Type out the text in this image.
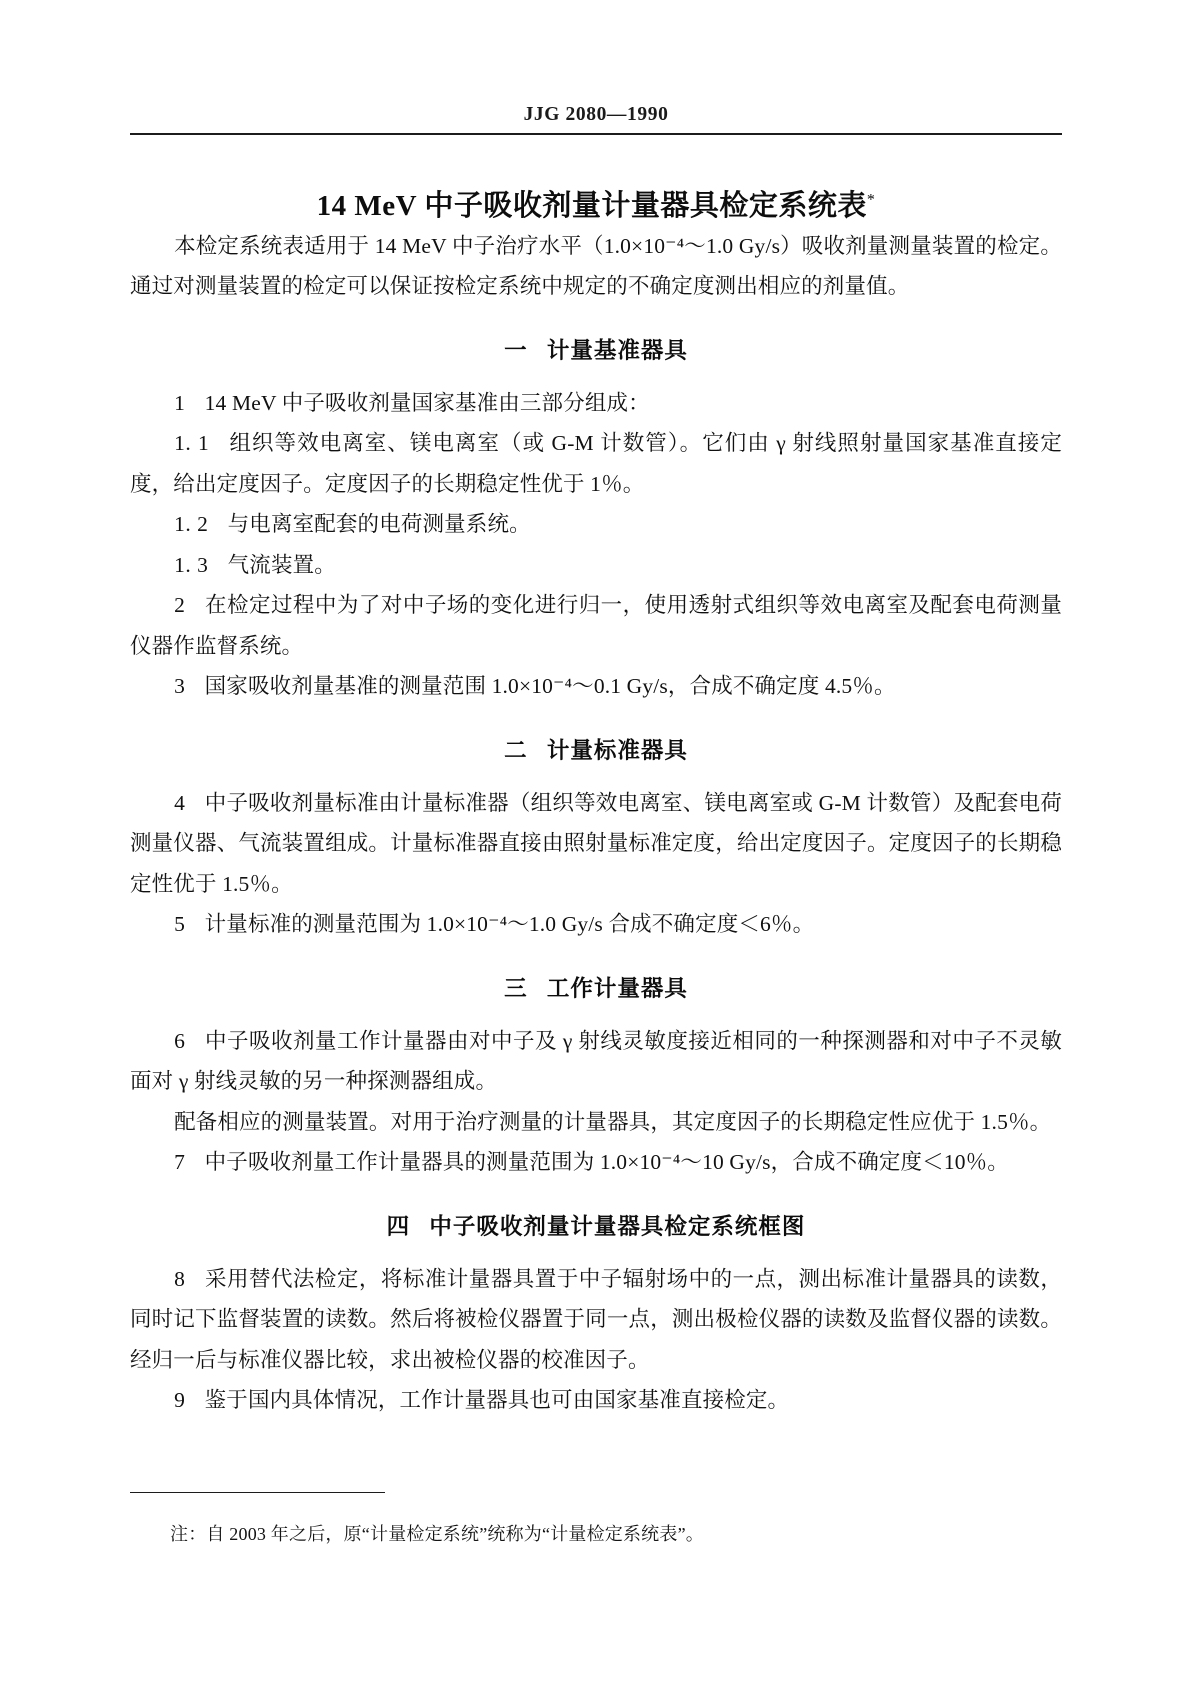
JJG 2080—1990
14 MeV 中子吸收剂量计量器具检定系统表*

本检定系统表适用于 14 MeV 中子治疗水平（1.0×10⁻⁴～1.0 Gy/s）吸收剂量测量装置的检定。通过对测量装置的检定可以保证按检定系统中规定的不确定度测出相应的剂量值。

一 计量基准器具

1 14 MeV 中子吸收剂量国家基准由三部分组成：

1. 1 组织等效电离室、镁电离室（或 G-M 计数管）。它们由 γ 射线照射量国家基准直接定度，给出定度因子。定度因子的长期稳定性优于 1％。

1. 2 与电离室配套的电荷测量系统。

1. 3 气流装置。

2 在检定过程中为了对中子场的变化进行归一，使用透射式组织等效电离室及配套电荷测量仪器作监督系统。

3 国家吸收剂量基准的测量范围 1.0×10⁻⁴～0.1 Gy/s，合成不确定度 4.5％。

二 计量标准器具

4 中子吸收剂量标准由计量标准器（组织等效电离室、镁电离室或 G-M 计数管）及配套电荷测量仪器、气流装置组成。计量标准器直接由照射量标准定度，给出定度因子。定度因子的长期稳定性优于 1.5％。

5 计量标准的测量范围为 1.0×10⁻⁴～1.0 Gy/s 合成不确定度＜6％。

三 工作计量器具

6 中子吸收剂量工作计量器由对中子及 γ 射线灵敏度接近相同的一种探测器和对中子不灵敏面对 γ 射线灵敏的另一种探测器组成。

配备相应的测量装置。对用于治疗测量的计量器具，其定度因子的长期稳定性应优于 1.5％。

7 中子吸收剂量工作计量器具的测量范围为 1.0×10⁻⁴～10 Gy/s，合成不确定度＜10％。

四 中子吸收剂量计量器具检定系统框图

8 采用替代法检定，将标准计量器具置于中子辐射场中的一点，测出标准计量器具的读数，同时记下监督装置的读数。然后将被检仪器置于同一点，测出极检仪器的读数及监督仪器的读数。经归一后与标准仪器比较，求出被检仪器的校准因子。

9 鉴于国内具体情况，工作计量器具也可由国家基准直接检定。

注：自 2003 年之后，原“计量检定系统”统称为“计量检定系统表”。
